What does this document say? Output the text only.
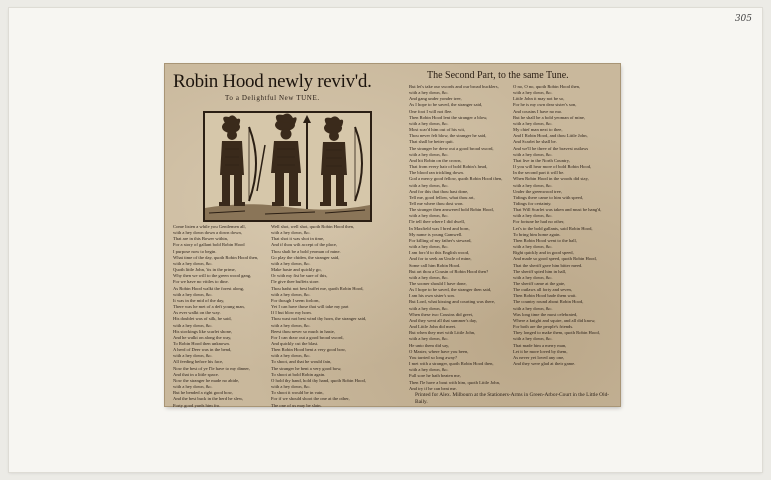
305
Robin Hood newly reviv'd.
To a Delightful New TUNE.
The Second Part, to the same Tune.
Come listen a while you Gentlemen all,
with a hey down down a down down,
That are in this Bower within,
For a story of gallant bold Robin Hood
I purpose now to begin.
What time of the day, quoth Robin Hood then,
with a hey down, &c.
Quoth little John, 'tis in the prime,
Why then we will to the green wood gang,
For we have no vittles to dine.
As Robin Hood walkt the forest along,
with a hey down, &c.
It was in the mid of the day,
There was he met of a deft young man,
As ever walkt on the way.
His doublet was of silk, he said,
with a hey down, &c.
His stockings like scarlet shone,
And he walkt on along the way,
To Robin Hood then unknown.
A herd of Deer was in the bend,
with a hey down, &c.
All feeding before his face,
Now the best of ye I'le have to my dinner,
And that in a little space.
Now the stranger he made no abide,
with a hey down, &c.
But he bended a right good bow,
And the best buck in the herd he slew,
Forty good yards him fro.
Well shot, well shot, quoth Robin Hood then,
with a hey down, &c.
That shot it was shot in time,
And if thou wilt accept of the place,
Thou shalt be a bold yeoman of mine.
Go play the chiden, the stranger said,
with a hey down, &c.
Make haste and quickly go,
Or with my fist be sure of this,
I'le give thee buffets store.
Thou hadst not best buffet me, quoth Robin Hood,
with a hey down, &c.
For though I seem forlorn,
Yet I can have those that will take my part
If I but blow my horn.
Thou wast not best wind thy horn, the stranger said,
with a hey down, &c.
Beest thou never so much in haste,
For I can draw out a good broad sword,
And quickly cut the blast.
Then Robin Hood bent a very good bow,
with a hey down, &c.
To shoot, and that he would fain,
The stranger he bent a very good bow,
To shoot at bold Robin again.
O hold thy hand, hold thy hand, quoth Robin Hood,
with a hey down, &c.
To shoot it would be in vain,
For if we should shoot the one at the other,
The one of us may be slain.
But let's take our swords and our broad bucklers,
with a hey down, &c.
And gang under yonder tree,
As I hope to be saved, the stranger said,
One foot I will not flee.
Then Robin Hood lent the stranger a blow,
with a hey down, &c.
Most scar'd him out of his wit,
Thou never felt blow, the stranger he said,
That shall be better quit.
The stranger he drew out a good broad sword,
with a hey down, &c.
And hit Robin on the crown,
That from every hair of bold Robin's head,
The blood ran trickling down.
God a mercy good fellow, quoth Robin Hood then,
with a hey down, &c.
And for this that thou hast done,
Tell me, good fellow, what thou art,
Tell me where thou dost won.
The stranger then answered bold Robin Hood,
with a hey down, &c.
I'le tell thee where I did dwell,
In Maxfield was I bred and born,
My name is young Gamwell.
For killing of my father's steward,
with a hey down, &c.
I am forc'd to this English wood,
And for to seek an Uncle of mine,
Some call him Robin Hood.
But art thou a Cousin of Robin Hood then?
with a hey down, &c.
The sooner should I have done,
As I hope to be saved, the stranger then said,
I am his own sister's son.
But Lord, what kissing and courting was there,
with a hey down, &c.
When these two Cousins did greet,
And they went all that summer's day,
And Little John did meet.
But when they met with Little John,
with a hey down, &c.
He unto them did say,
O Master, where have you been,
You tarried so long away?
I met with a stranger, quoth Robin Hood then,
with a hey down, &c.
Full sore he hath beaten me,
Then I'le have a bout with him, quoth Little John,
And try if he can beat me.
O no, O no, quoth Robin Hood then,
with a hey down, &c.
Little John it may not be so,
For he is my own dear sister's son,
And cousins I have no mo.
But he shall be a bold yeoman of mine,
with a hey down, &c.
My chief man next to thee,
And I Robin Hood, and thou Little John,
And Scarlet he shall be.
And we'll be three of the bravest outlaws
with a hey down, &c.
That live in the North Country,
If you will hear more of bold Robin Hood,
In the second part it will be.
When Robin Hood in the woods did stay,
with a hey down, &c.
Under the greenwood tree,
Tidings there came to him with speed,
Tidings for certainty.
That Will Scarlet was taken and must be hang'd,
with a hey down, &c.
For fortune he had no other,
Let's to the bold gallants, said Robin Hood,
To bring him home again.
Then Robin Hood went to the hall,
with a hey down, &c.
Right quickly and in good speed,
And made so good speed, quoth Robin Hood,
That the sheriff gave him bitter meed.
The sheriff spied him in hall,
with a hey down, &c.
The sheriff came at the gate,
The outlaws all forty and seven,
Then Robin Hood bade them wait.
The country round about Robin Hood,
with a hey down, &c.
Was long time the most celebrated,
Where a knight and squire, and all did know,
For both are the people's friends.
They longed to make them, quoth Robin Hood,
with a hey down, &c.
That made him a merry man,
Let it be more loved by them,
As never yet loved any one,
And they were glad at their game.
Printed for Alex. Milbourn at the Stationers-Arms in Green-Arbor-Court in the Little Old-Baily.
